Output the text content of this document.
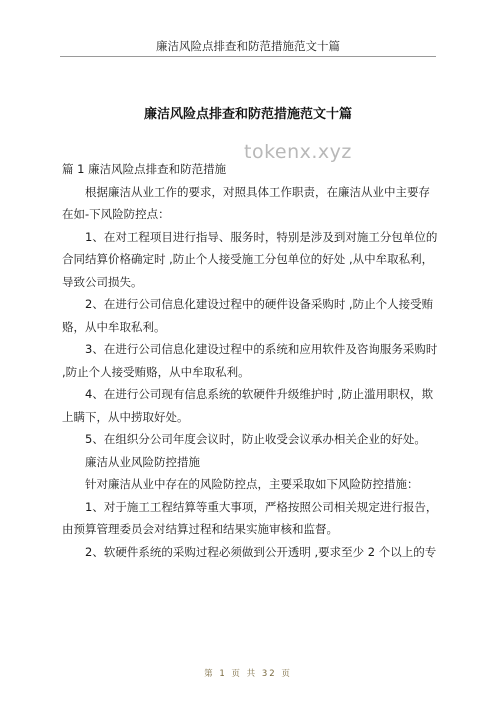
廉洁风险点排查和防范措施范文十篇
廉洁风险点排查和防范措施范文十篇
tokenx.xyz

篇 1 廉洁风险点排查和防范措施

根据廉洁从业工作的要求，对照具体工作职责，在廉洁从业中主要存在如-下风险防控点：

1、在对工程项目进行指导、服务时，特别是涉及到对施工分包单位的合同结算价格确定时 ,防止个人接受施工分包单位的好处 ,从中牟取私利，导致公司损失。

2、在进行公司信息化建设过程中的硬件设备采购时 ,防止个人接受贿赂，从中牟取私利。

3、在进行公司信息化建设过程中的系统和应用软件及咨询服务采购时 ,防止个人接受贿赂，从中牟取私利。

4、在进行公司现有信息系统的软硬件升级维护时 ,防止滥用职权，欺上瞒下，从中捞取好处。

5、在组织分公司年度会议时，防止收受会议承办相关企业的好处。

廉洁从业风险防控措施

针对廉洁从业中存在的风险防控点，主要采取如下风险防控措施：

1、对于施工工程结算等重大事项，严格按照公司相关规定进行报告，由预算管理委员会对结算过程和结果实施审核和监督。

2、软硬件系统的采购过程必须做到公开透明 ,要求至少 2 个以上的专

第 1 页 共 32 页
